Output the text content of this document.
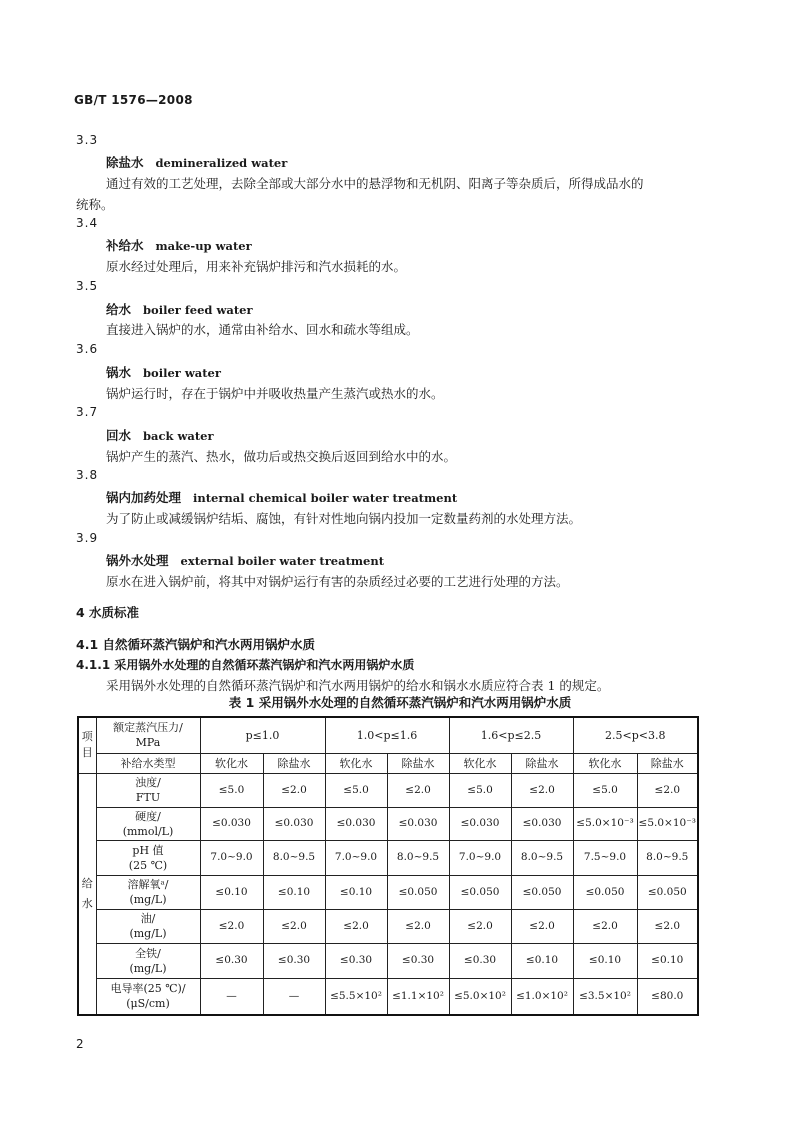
GB/T 1576—2008
3.3
除盐水 demineralized water
通过有效的工艺处理，去除全部或大部分水中的悬浮物和无机阴、阳离子等杂质后，所得成品水的
统称。
3.4
补给水 make-up water
原水经过处理后，用来补充锅炉排污和汽水损耗的水。
3.5
给水 boiler feed water
直接进入锅炉的水，通常由补给水、回水和疏水等组成。
3.6
锅水 boiler water
锅炉运行时，存在于锅炉中并吸收热量产生蒸汽或热水的水。
3.7
回水 back water
锅炉产生的蒸汽、热水，做功后或热交换后返回到给水中的水。
3.8
锅内加药处理 internal chemical boiler water treatment
为了防止或减缓锅炉结垢、腐蚀，有针对性地向锅内投加一定数量药剂的水处理方法。
3.9
锅外水处理 external boiler water treatment
原水在进入锅炉前，将其中对锅炉运行有害的杂质经过必要的工艺进行处理的方法。
4 水质标准
4.1 自然循环蒸汽锅炉和汽水两用锅炉水质
4.1.1 采用锅外水处理的自然循环蒸汽锅炉和汽水两用锅炉水质
采用锅外水处理的自然循环蒸汽锅炉和汽水两用锅炉的给水和锅水水质应符合表 1 的规定。
表 1 采用锅外水处理的自然循环蒸汽锅炉和汽水两用锅炉水质
项目	额定蒸汽压力/
MPa	p≤1.0		1.0<p≤1.6		1.6<p≤2.5		2.5<p<3.8	
	补给水类型	软化水	除盐水	软化水	除盐水	软化水	除盐水	软化水	除盐水
给水	浊度/
FTU	≤5.0	≤2.0	≤5.0	≤2.0	≤5.0	≤2.0	≤5.0	≤2.0

	硬度/
(mmol/L)	≤0.030	≤0.030	≤0.030	≤0.030	≤0.030	≤0.030	≤5.0×10⁻³	≤5.0×10⁻³

	pH 值
(25 ℃)	7.0~9.0	8.0~9.5	7.0~9.0	8.0~9.5	7.0~9.0	8.0~9.5	7.5~9.0	8.0~9.5

	溶解氧ᵃ/
(mg/L)	≤0.10	≤0.10	≤0.10	≤0.050	≤0.050	≤0.050	≤0.050	≤0.050

	油/
(mg/L)	≤2.0	≤2.0	≤2.0	≤2.0	≤2.0	≤2.0	≤2.0	≤2.0

	全铁/
(mg/L)	≤0.30	≤0.30	≤0.30	≤0.30	≤0.30	≤0.10	≤0.10	≤0.10

	电导率(25 ℃)/
(μS/cm)	—	—	≤5.5×10²	≤1.1×10²	≤5.0×10²	≤1.0×10²	≤3.5×10²	≤80.0
2
